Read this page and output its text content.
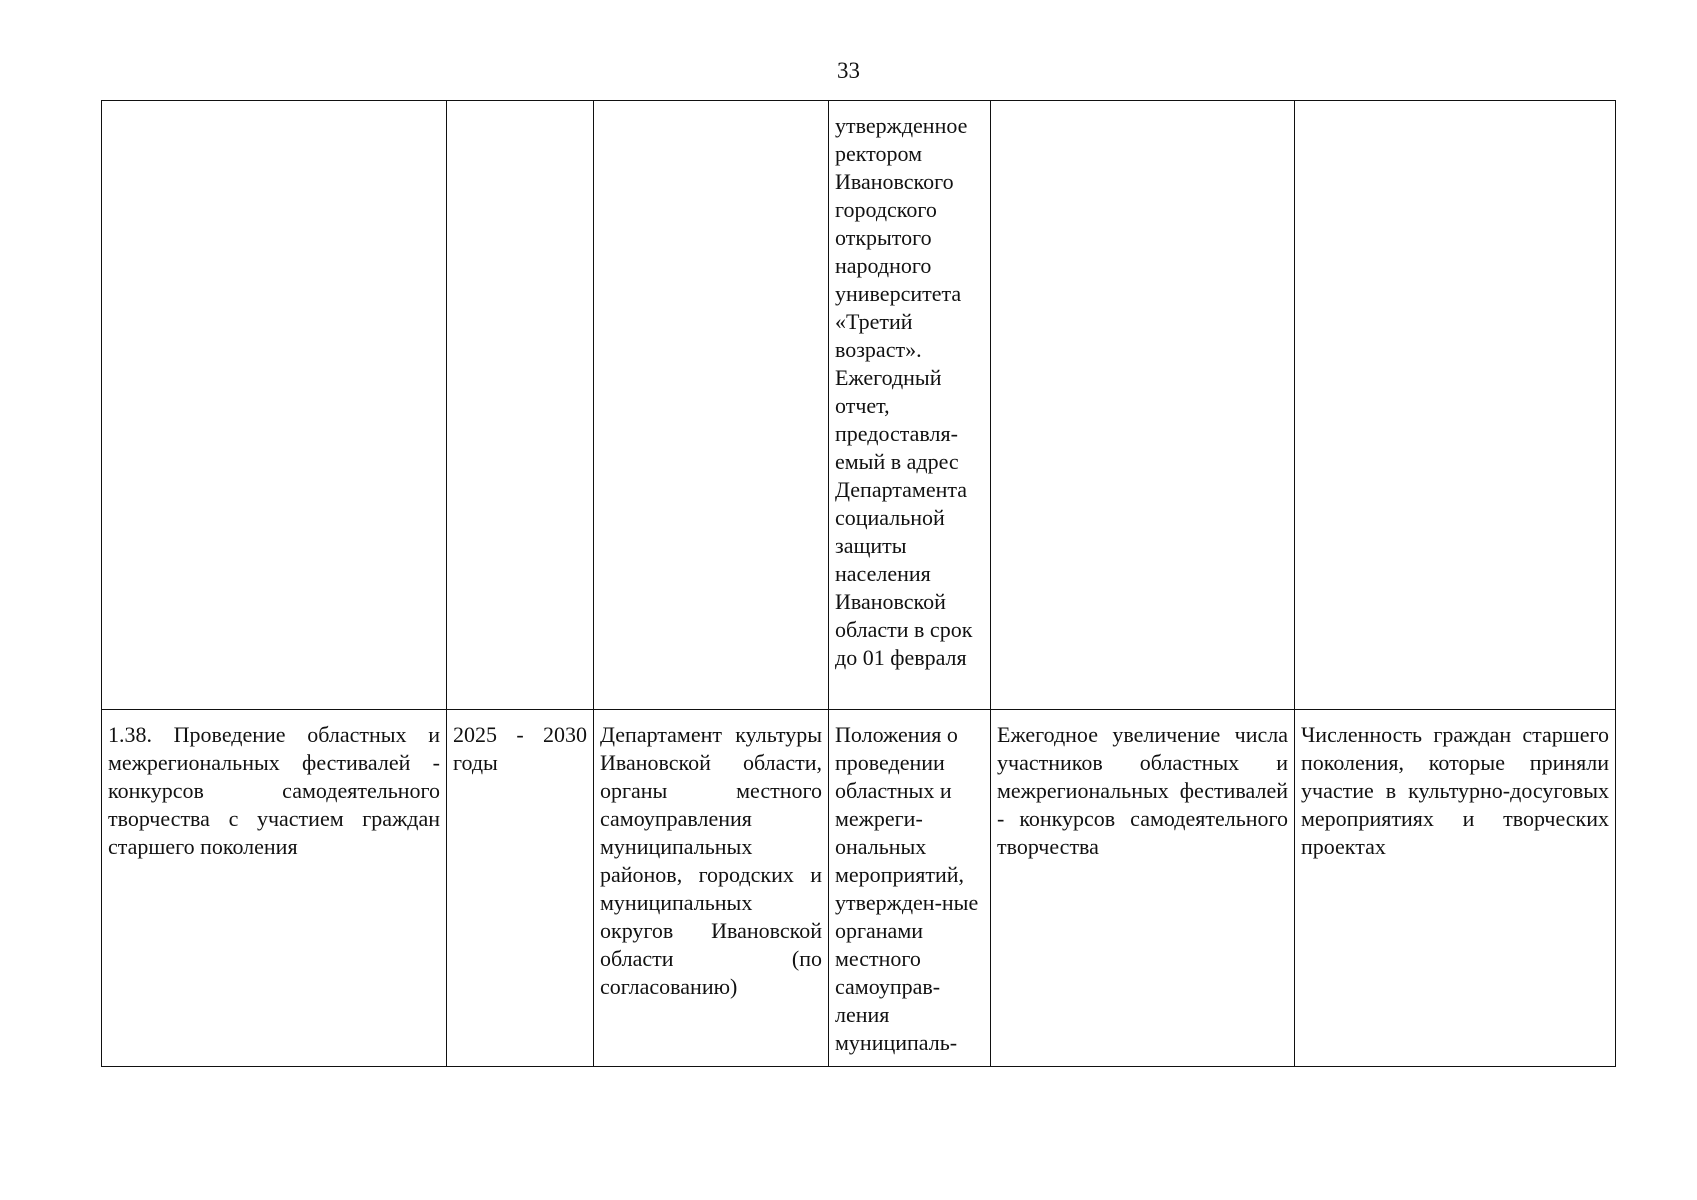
33

			утвержденное ректором Ивановского городского открытого народного университета «Третий возраст». Ежегодный отчет, предоставля-емый в адрес Департамента социальной защиты населения Ивановской области в срок до 01 февраля		

1.38. Проведение областных и межрегиональных фестивалей - конкурсов самодеятельного творчества с участием граждан старшего поколения	2025 - 2030 годы	Департамент культуры Ивановской области, органы местного самоуправления муниципальных районов, городских и муниципальных округов Ивановской области (по согласованию)	Положения о проведении областных и межреги-ональных мероприятий, утвержден-ные органами местного самоуправ-ления муниципаль-	Ежегодное увеличение числа участников областных и межрегиональных фестивалей - конкурсов самодеятельного творчества	Численность граждан старшего поколения, которые приняли участие в культурно-досуговых мероприятиях и творческих проектах
